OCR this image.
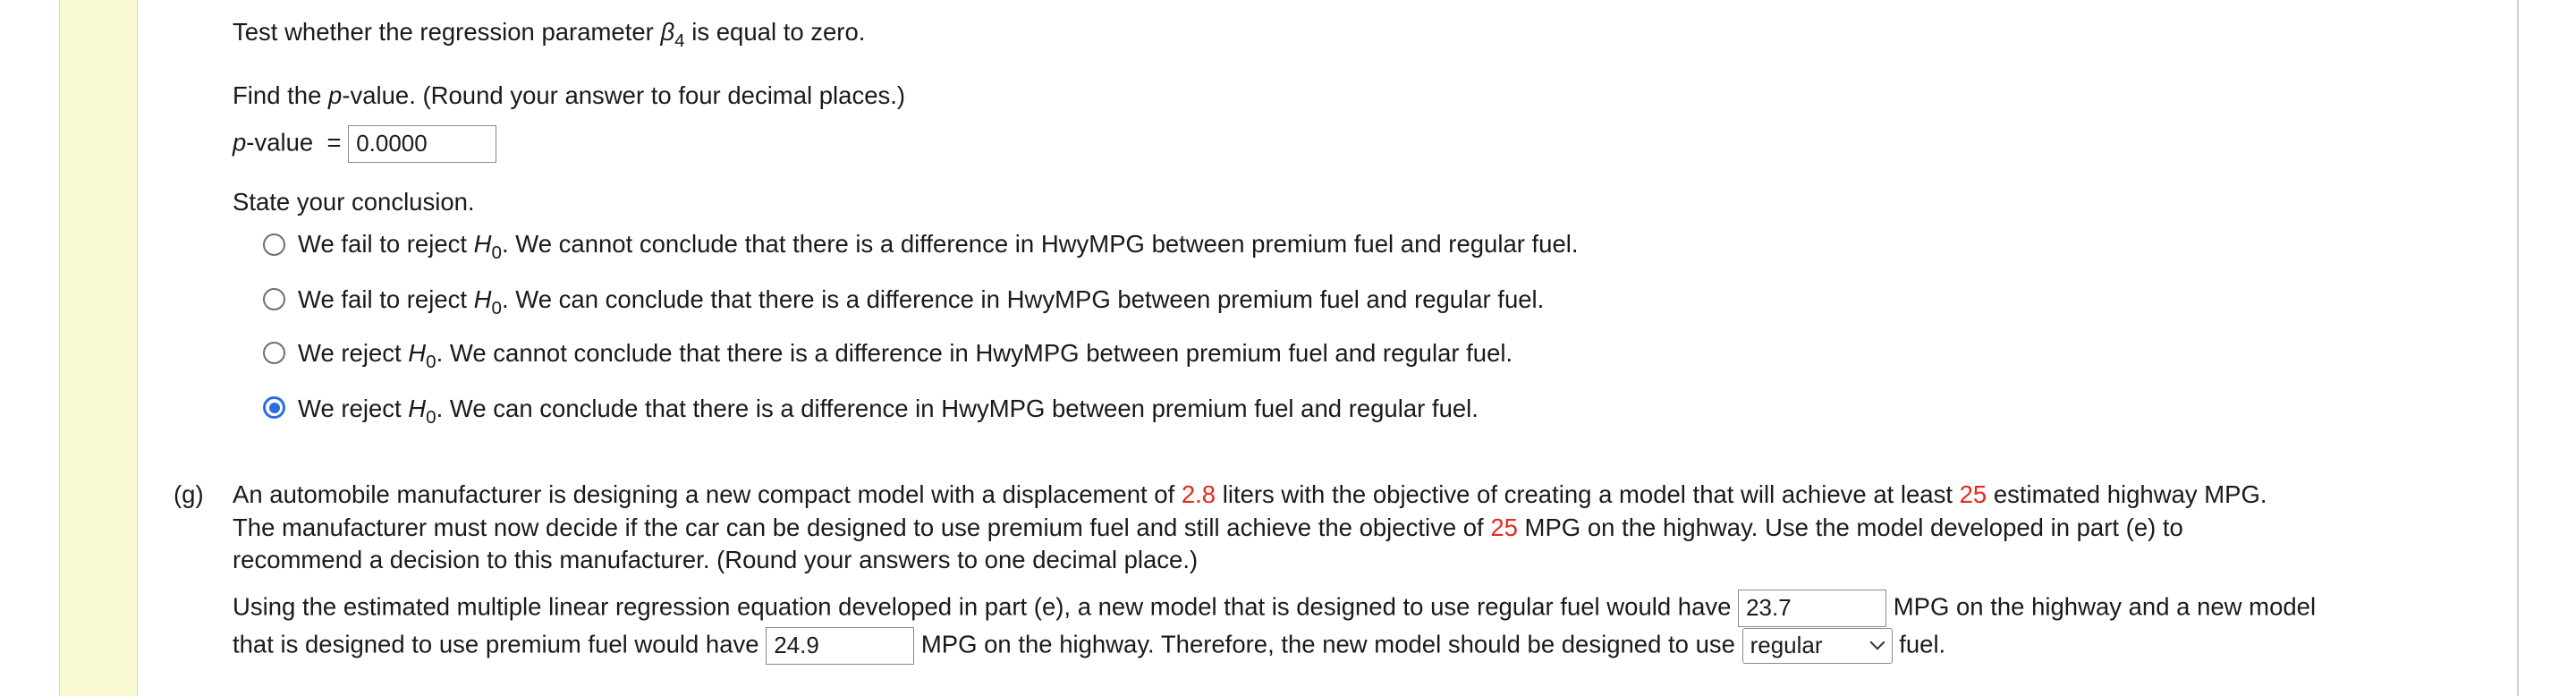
Test whether the regression parameter $\beta_4$ is equal to zero.
Find the p-value. (Round your answer to four decimal places.)
p-value  = 0.0000
State your conclusion.
We fail to reject $H_0$. We cannot conclude that there is a difference in HwyMPG between premium fuel and regular fuel.
We fail to reject $H_0$. We can conclude that there is a difference in HwyMPG between premium fuel and regular fuel.
We reject $H_0$. We cannot conclude that there is a difference in HwyMPG between premium fuel and regular fuel.
We reject $H_0$. We can conclude that there is a difference in HwyMPG between premium fuel and regular fuel.
(g) An automobile manufacturer is designing a new compact model with a displacement of 2.8 liters with the objective of creating a model that will achieve at least 25 estimated highway MPG.
The manufacturer must now decide if the car can be designed to use premium fuel and still achieve the objective of 25 MPG on the highway. Use the model developed in part (e) to
recommend a decision to this manufacturer. (Round your answers to one decimal place.)
Using the estimated multiple linear regression equation developed in part (e), a new model that is designed to use regular fuel would have 23.7	MPG on the highway and a new model
that is designed to use premium fuel would have 24.9	MPG on the highway. Therefore, the new model should be designed to use regular	fuel.
